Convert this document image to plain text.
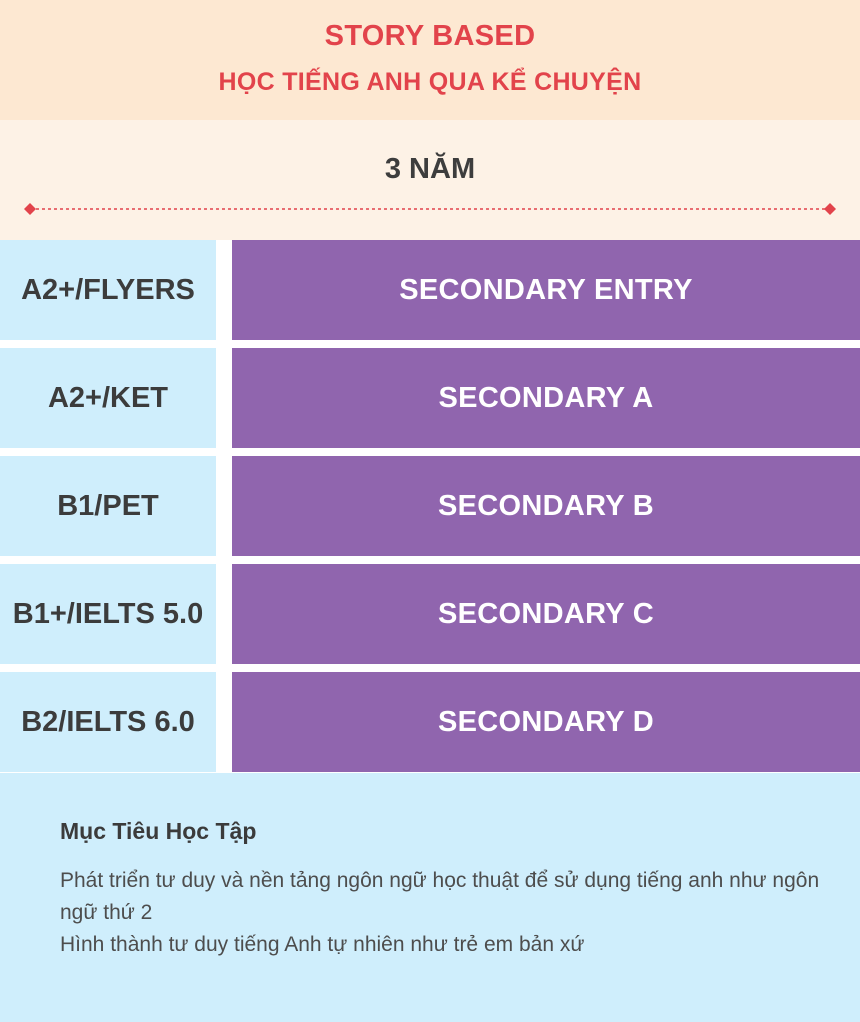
STORY BASED
HỌC TIẾNG ANH QUA KỂ CHUYỆN
3 NĂM
A2+/FLYERS	SECONDARY ENTRY
A2+/KET	SECONDARY A
B1/PET	SECONDARY B
B1+/IELTS 5.0	SECONDARY C
B2/IELTS 6.0	SECONDARY D
Mục Tiêu Học Tập
Phát triển tư duy và nền tảng ngôn ngữ học thuật để sử dụng tiếng anh như ngôn ngữ thứ 2
Hình thành tư duy tiếng Anh tự nhiên như trẻ em bản xứ
